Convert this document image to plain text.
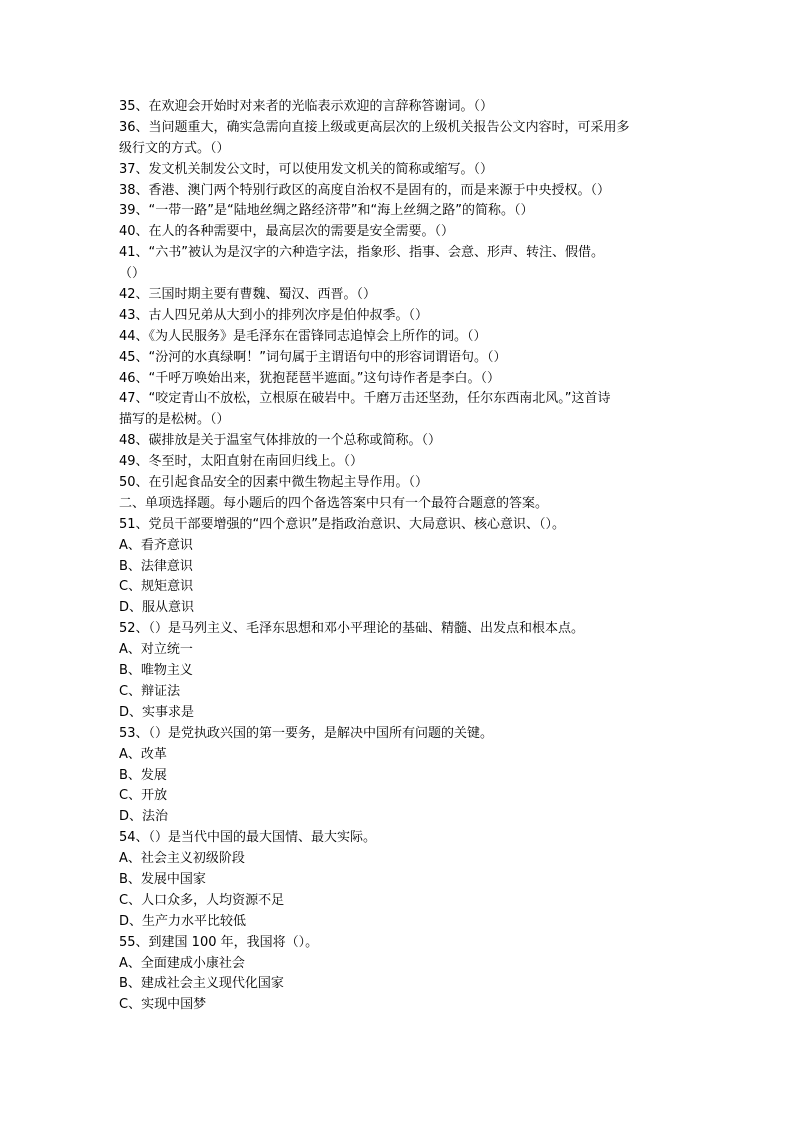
35、在欢迎会开始时对来者的光临表示欢迎的言辞称答谢词。（）
36、当问题重大，确实急需向直接上级或更高层次的上级机关报告公文内容时，可采用多
级行文的方式。（）
37、发文机关制发公文时，可以使用发文机关的简称或缩写。（）
38、香港、澳门两个特别行政区的高度自治权不是固有的，而是来源于中央授权。（）
39、“一带一路”是“陆地丝绸之路经济带”和“海上丝绸之路”的简称。（）
40、在人的各种需要中，最高层次的需要是安全需要。（）
41、“六书”被认为是汉字的六种造字法，指象形、指事、会意、形声、转注、假借。
（）
42、三国时期主要有曹魏、蜀汉、西晋。（）
43、古人四兄弟从大到小的排列次序是伯仲叔季。（）
44、《为人民服务》是毛泽东在雷锋同志追悼会上所作的词。（）
45、“汾河的水真绿啊！”词句属于主谓语句中的形容词谓语句。（）
46、“千呼万唤始出来，犹抱琵琶半遮面。”这句诗作者是李白。（）
47、“咬定青山不放松，立根原在破岩中。千磨万击还坚劲，任尔东西南北风。”这首诗
描写的是松树。（）
48、碳排放是关于温室气体排放的一个总称或简称。（）
49、冬至时，太阳直射在南回归线上。（）
50、在引起食品安全的因素中微生物起主导作用。（）
二、单项选择题。每小题后的四个备选答案中只有一个最符合题意的答案。
51、党员干部要增强的“四个意识”是指政治意识、大局意识、核心意识、（）。
A、看齐意识
B、法律意识
C、规矩意识
D、服从意识
52、（）是马列主义、毛泽东思想和邓小平理论的基础、精髓、出发点和根本点。
A、对立统一
B、唯物主义
C、辩证法
D、实事求是
53、（）是党执政兴国的第一要务，是解决中国所有问题的关键。
A、改革
B、发展
C、开放
D、法治
54、（）是当代中国的最大国情、最大实际。
A、社会主义初级阶段
B、发展中国家
C、人口众多，人均资源不足
D、生产力水平比较低
55、到建国 100 年，我国将（）。
A、全面建成小康社会
B、建成社会主义现代化国家
C、实现中国梦
